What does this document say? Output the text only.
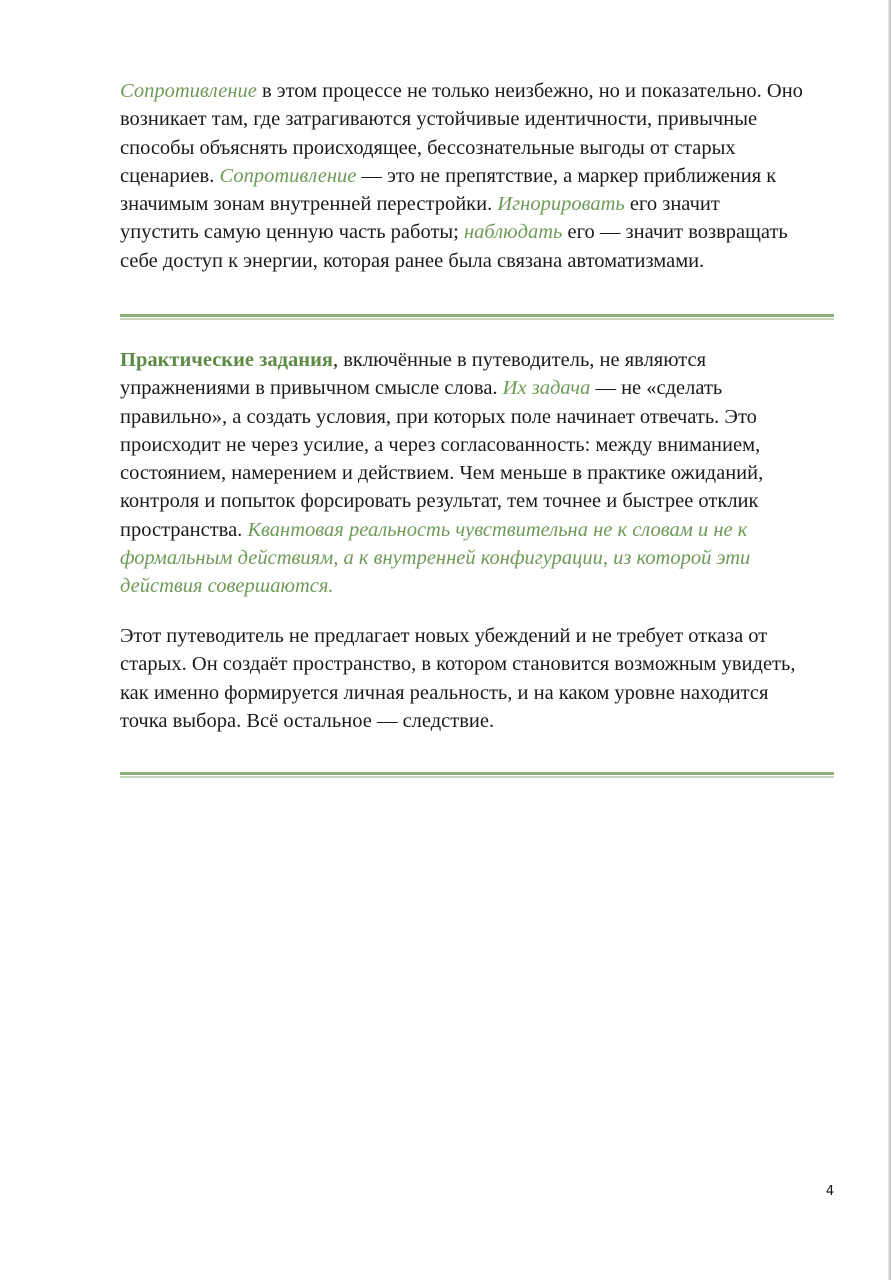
Сопротивление в этом процессе не только неизбежно, но и показательно. Оно
возникает там, где затрагиваются устойчивые идентичности, привычные
способы объяснять происходящее, бессознательные выгоды от старых
сценариев. Сопротивление — это не препятствие, а маркер приближения к
значимым зонам внутренней перестройки. Игнорировать его значит
упустить самую ценную часть работы; наблюдать его — значит возвращать
себе доступ к энергии, которая ранее была связана автоматизмами.

Практические задания, включённые в путеводитель, не являются
упражнениями в привычном смысле слова. Их задача — не «сделать
правильно», а создать условия, при которых поле начинает отвечать. Это
происходит не через усилие, а через согласованность: между вниманием,
состоянием, намерением и действием. Чем меньше в практике ожиданий,
контроля и попыток форсировать результат, тем точнее и быстрее отклик
пространства. Квантовая реальность чувствительна не к словам и не к
формальным действиям, а к внутренней конфигурации, из которой эти
действия совершаются.

Этот путеводитель не предлагает новых убеждений и не требует отказа от
старых. Он создаёт пространство, в котором становится возможным увидеть,
как именно формируется личная реальность, и на каком уровне находится
точка выбора. Всё остальное — следствие.

4
